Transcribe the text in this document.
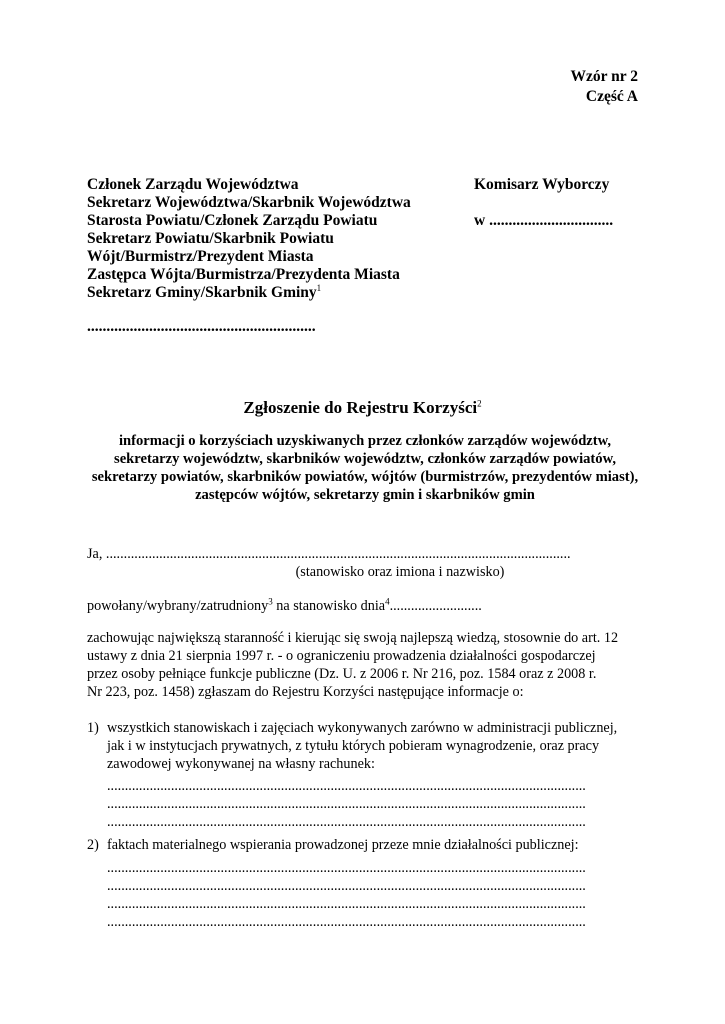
Wzór nr 2
Część A
Członek Zarządu Województwa
Sekretarz Województwa/Skarbnik Województwa
Starosta Powiatu/Członek Zarządu Powiatu
Sekretarz Powiatu/Skarbnik Powiatu
Wójt/Burmistrz/Prezydent Miasta
Zastępca Wójta/Burmistrza/Prezydenta Miasta
Sekretarz Gminy/Skarbnik Gminy$^1$
...........................................................
Komisarz Wyborczy
w ................................
Zgłoszenie do Rejestru Korzyści$^2$
informacji o korzyściach uzyskiwanych przez członków zarządów województw,
sekretarzy województw, skarbników województw, członków zarządów powiatów,
sekretarzy powiatów, skarbników powiatów, wójtów (burmistrzów, prezydentów miast),
zastępców wójtów, sekretarzy gmin i skarbników gmin
Ja, ...................................................................................................................................
(stanowisko oraz imiona i nazwisko)
powołany/wybrany/zatrudniony$^3$ na stanowisko dnia$^4$..........................
zachowując największą staranność i kierując się swoją najlepszą wiedzą, stosownie do art. 12
ustawy z dnia 21 sierpnia 1997 r. - o ograniczeniu prowadzenia działalności gospodarczej
przez osoby pełniące funkcje publiczne (Dz. U. z 2006 r. Nr 216, poz. 1584 oraz z 2008 r.
Nr 223, poz. 1458) zgłaszam do Rejestru Korzyści następujące informacje o:
1) wszystkich stanowiskach i zajęciach wykonywanych zarówno w administracji publicznej,
jak i w instytucjach prywatnych, z tytułu których pobieram wynagrodzenie, oraz pracy
zawodowej wykonywanej na własny rachunek:
.......................................................................................................................................
.......................................................................................................................................
.......................................................................................................................................
2) faktach materialnego wspierania prowadzonej przeze mnie działalności publicznej:
.......................................................................................................................................
.......................................................................................................................................
.......................................................................................................................................
.......................................................................................................................................
